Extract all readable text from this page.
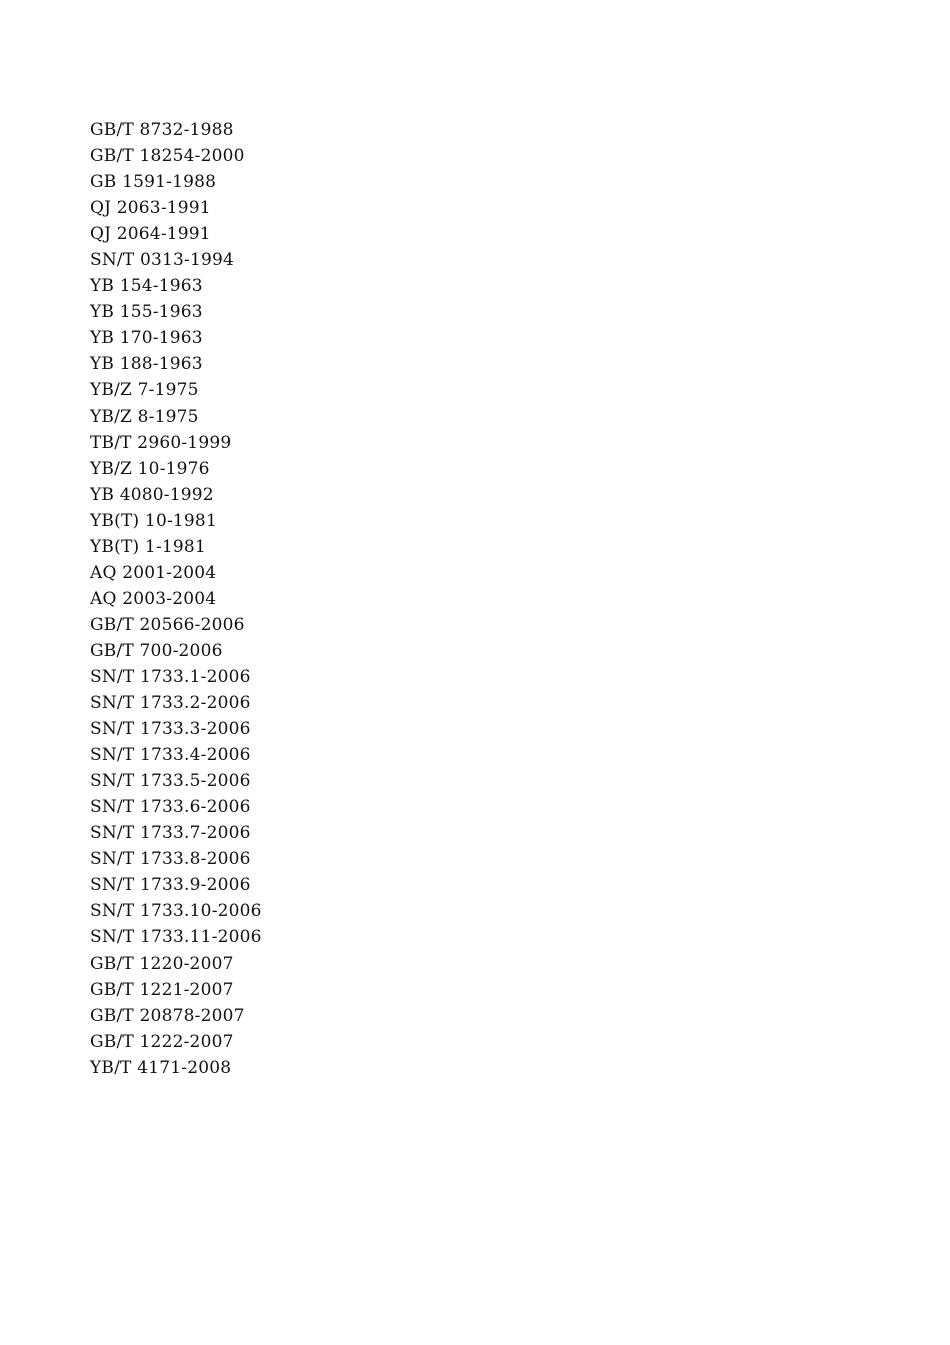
GB/T 8732-1988
GB/T 18254-2000
GB 1591-1988
QJ 2063-1991
QJ 2064-1991
SN/T 0313-1994
YB 154-1963
YB 155-1963
YB 170-1963
YB 188-1963
YB/Z 7-1975
YB/Z 8-1975
TB/T 2960-1999
YB/Z 10-1976
YB 4080-1992
YB(T) 10-1981
YB(T) 1-1981
AQ 2001-2004
AQ 2003-2004
GB/T 20566-2006
GB/T 700-2006
SN/T 1733.1-2006
SN/T 1733.2-2006
SN/T 1733.3-2006
SN/T 1733.4-2006
SN/T 1733.5-2006
SN/T 1733.6-2006
SN/T 1733.7-2006
SN/T 1733.8-2006
SN/T 1733.9-2006
SN/T 1733.10-2006
SN/T 1733.11-2006
GB/T 1220-2007
GB/T 1221-2007
GB/T 20878-2007
GB/T 1222-2007
YB/T 4171-2008
